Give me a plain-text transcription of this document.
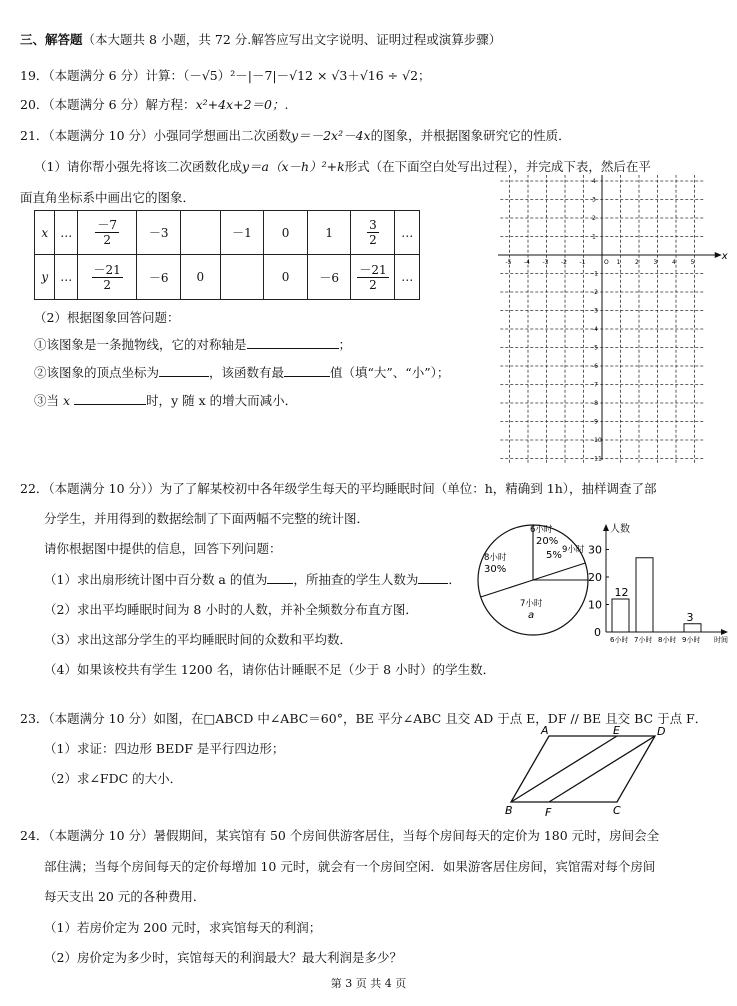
三、解答题（本大题共 8 小题，共 72 分.解答应写出文字说明、证明过程或演算步骤）
19．（本题满分 6 分）计算：（－√5）²－|－7|－√12 × √3＋√16 ÷ √2；
20．（本题满分 6 分）解方程：x²+4x+2＝0；.
21．（本题满分 10 分）小强同学想画出二次函数y＝－2x²－4x的图象，并根据图象研究它的性质．
（1）请你帮小强先将该二次函数化成y＝a（x－h）²+k形式（在下面空白处写出过程），并完成下表，然后在平
面直角坐标系中画出它的图象．
x	…	$\frac{-7}{2}$	－3		－1	0	1	$\frac{3}{2}$	…
y	…	$\frac{-21}{2}$	－6	0		0	－6	$\frac{-21}{2}$	…
（2）根据图象回答问题：
①该图象是一条抛物线，它的对称轴是	；
②该图象的顶点坐标为	，该函数有最	值（填“大”、“小”）；
③当 x	时，y 随 x 的增大而减小．
x
-5 -4 -3 -2 -1	O 1 2 3 4 5
4
3
2
1
-1
-2
-3
-4
-5
-6
-7
-8
-9
-10
-11
22．（本题满分 10 分））为了了解某校初中各年级学生每天的平均睡眠时间（单位：h，精确到 1h），抽样调查了部
分学生，并用得到的数据绘制了下面两幅不完整的统计图．
请你根据图中提供的信息，回答下列问题：
（1）求出扇形统计图中百分数 a 的值为 ，所抽查的学生人数为 ．
（2）求出平均睡眠时间为 8 小时的人数，并补全频数分布直方图．
（3）求出这部分学生的平均睡眠时间的众数和平均数．
（4）如果该校共有学生 1200 名，请你估计睡眠不足（少于 8 小时）的学生数．
6小时
20%
9小时
5%
7小时
a
8小时
30%
人数
时间
0
10
20
30
12
6小时 7小时 8小时
3
9小时
23．（本题满分 10 分）如图，在□ABCD 中∠ABC＝60°，BE 平分∠ABC 且交 AD 于点 E，DF // BE 且交 BC 于点 F．
（1）求证：四边形 BEDF 是平行四边形；
（2）求∠FDC 的大小．
A	E	D
B	F	C
24．（本题满分 10 分）暑假期间，某宾馆有 50 个房间供游客居住，当每个房间每天的定价为 180 元时，房间会全
部住满；当每个房间每天的定价每增加 10 元时，就会有一个房间空闲．如果游客居住房间，宾馆需对每个房间
每天支出 20 元的各种费用．
（1）若房价定为 200 元时，求宾馆每天的利润；
（2）房价定为多少时，宾馆每天的利润最大？最大利润是多少？
第 3 页 共 4 页
